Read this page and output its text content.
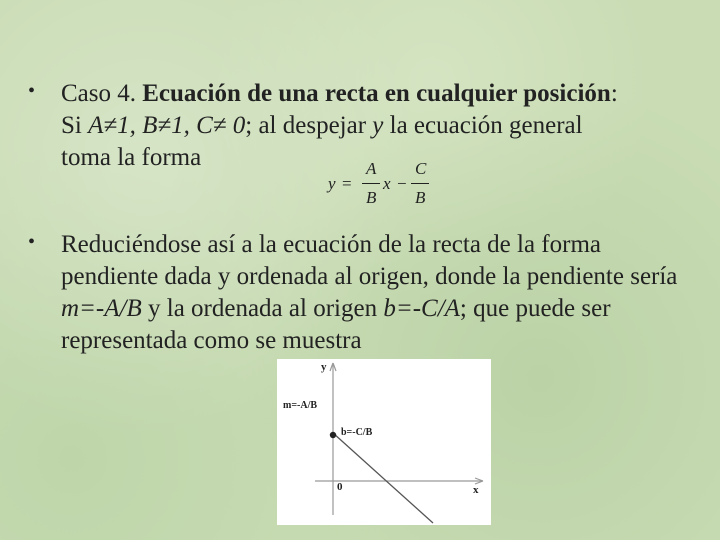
• Caso 4. Ecuación de una recta en cualquier posición:
Si A≠1, B≠1, C≠ 0; al despejar y la ecuación general
toma la forma
y =
A
B
x −
C
B
• Reduciéndose así a la ecuación de la recta de la forma pendiente dada y ordenada al origen, donde la pendiente sería m=-A/B y la ordenada al origen b=-C/A; que puede ser representada como se muestra
y
x
0
m=-A/B
b=-C/B
